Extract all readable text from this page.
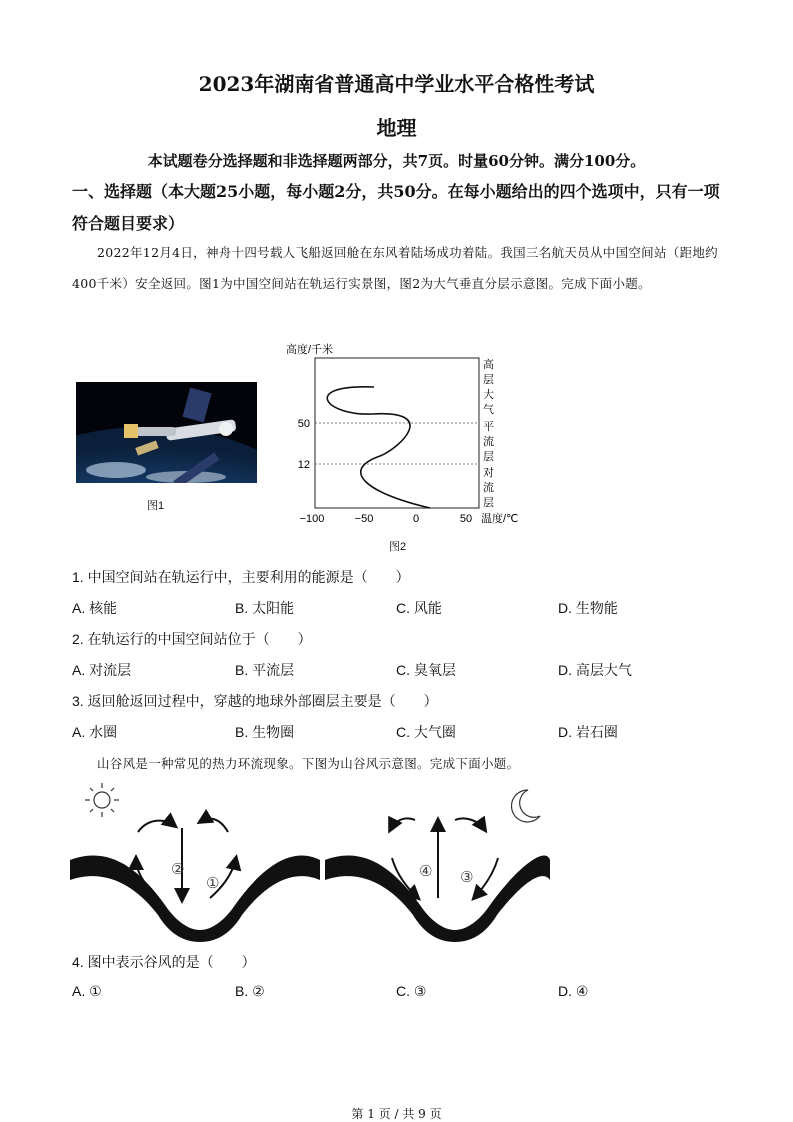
2023年湖南省普通高中学业水平合格性考试
地理
本试题卷分选择题和非选择题两部分，共7页。时量60分钟。满分100分。
一、选择题（本大题25小题，每小题2分，共50分。在每小题给出的四个选项中，只有一项符合题目要求）
2022年12月4日，神舟十四号载人飞船返回舱在东风着陆场成功着陆。我国三名航天员从中国空间站（距地约400千米）安全返回。图1为中国空间站在轨运行实景图，图2为大气垂直分层示意图。完成下面小题。
图1
高度/千米
50
12
−100	−50	0	50 温度/℃
高层大气
平流层
对流层
图2
1. 中国空间站在轨运行中，主要利用的能源是（　　）
A. 核能	B. 太阳能	C. 风能	D. 生物能
2. 在轨运行的中国空间站位于（　　）
A. 对流层	B. 平流层	C. 臭氧层	D. 高层大气
3. 返回舱返回过程中，穿越的地球外部圈层主要是（　　）
A. 水圈	B. 生物圈	C. 大气圈	D. 岩石圈
山谷风是一种常见的热力环流现象。下图为山谷风示意图。完成下面小题。
②
①
④ ③
4. 图中表示谷风的是（　　）
A. ①	B. ②	C. ③	D. ④
第 1 页 / 共 9 页
